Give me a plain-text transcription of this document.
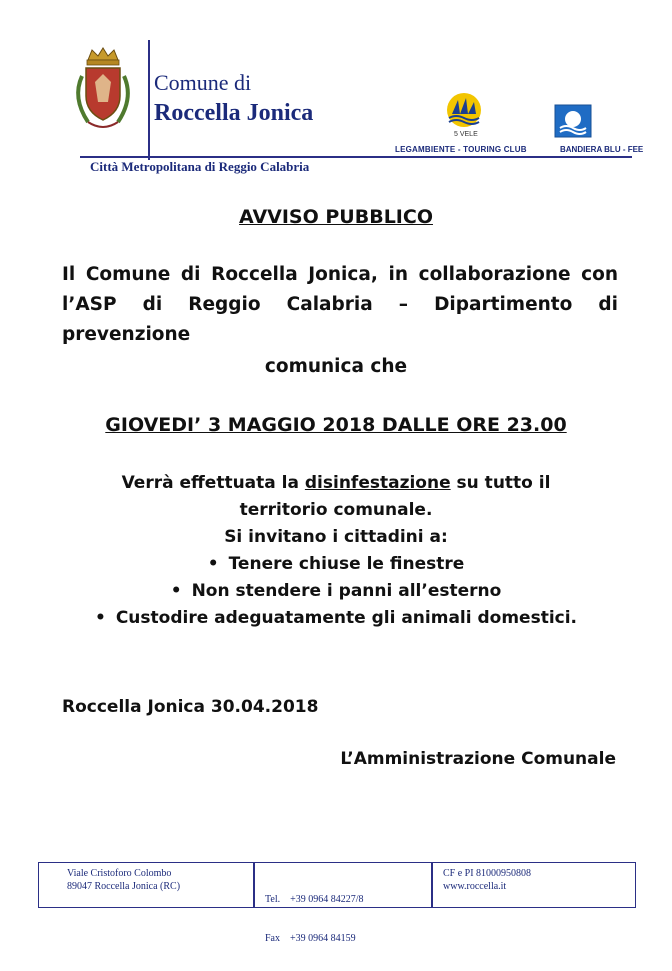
Comune di
Roccella Jonica
5 VELE
LEGAMBIENTE - TOURING CLUB	BANDIERA BLU - FEE
Città Metropolitana di Reggio Calabria
AVVISO PUBBLICO
Il Comune di Roccella Jonica, in collaborazione con l’ASP di Reggio Calabria – Dipartimento di prevenzione
comunica che
GIOVEDI’ 3 MAGGIO 2018 DALLE ORE 23.00
Verrà effettuata la disinfestazione su tutto il
territorio comunale.
Si invitano i cittadini a:
• Tenere chiuse le finestre
• Non stendere i panni all’esterno
• Custodire adeguatamente gli animali domestici.
Roccella Jonica 30.04.2018
L’Amministrazione Comunale
Viale Cristoforo Colombo
89047 Roccella Jonica (RC)

Tel.    +39 0964 84227/8

Fax    +39 0964 84159

CF e PI 81000950808
www.roccella.it
